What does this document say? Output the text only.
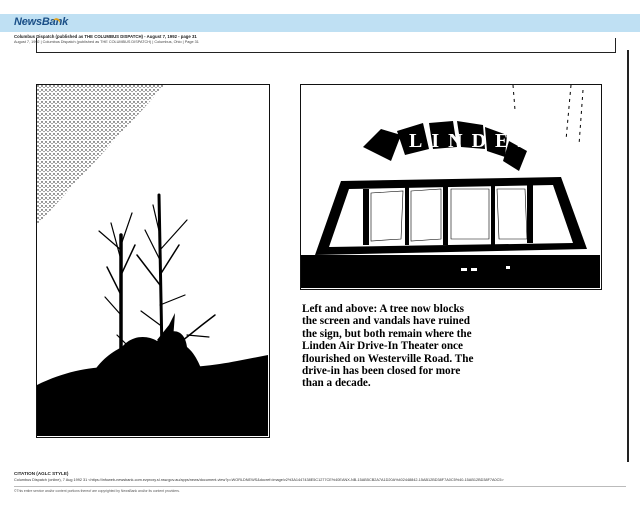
NewsBank
Columbus Dispatch (published as THE COLUMBUS DISPATCH) - August 7, 1992 - page 31
August 7, 1992 | Columbus Dispatch (published as THE COLUMBUS DISPATCH) | Columbus, Ohio | Page 31
LINDEN
Left and above: A tree now blocks
the screen and vandals have ruined
the sign, but both remain where the
Linden Air Drive-In Theater once
flourished on Westerville Road. The
drive-in has been closed for more
than a decade.
CITATION (AGLC STYLE)
Columbus Dispatch (online), 7 Aug 1992 31 <https://infoweb-newsbank-com.ezproxy.sl.nsw.gov.au/apps/news/document-view?p=WORLDNEWS&docref=image/v2%3A1447438E5C1277CE%40EANX-NB-15AB5CB2A7A1D20A%402448842-15AB12BD38F7A0C5%40-15AB12BD38F7A0C5>
©This entire service and/or content portions thereof are copyrighted by NewsBank and/or its content providers.
